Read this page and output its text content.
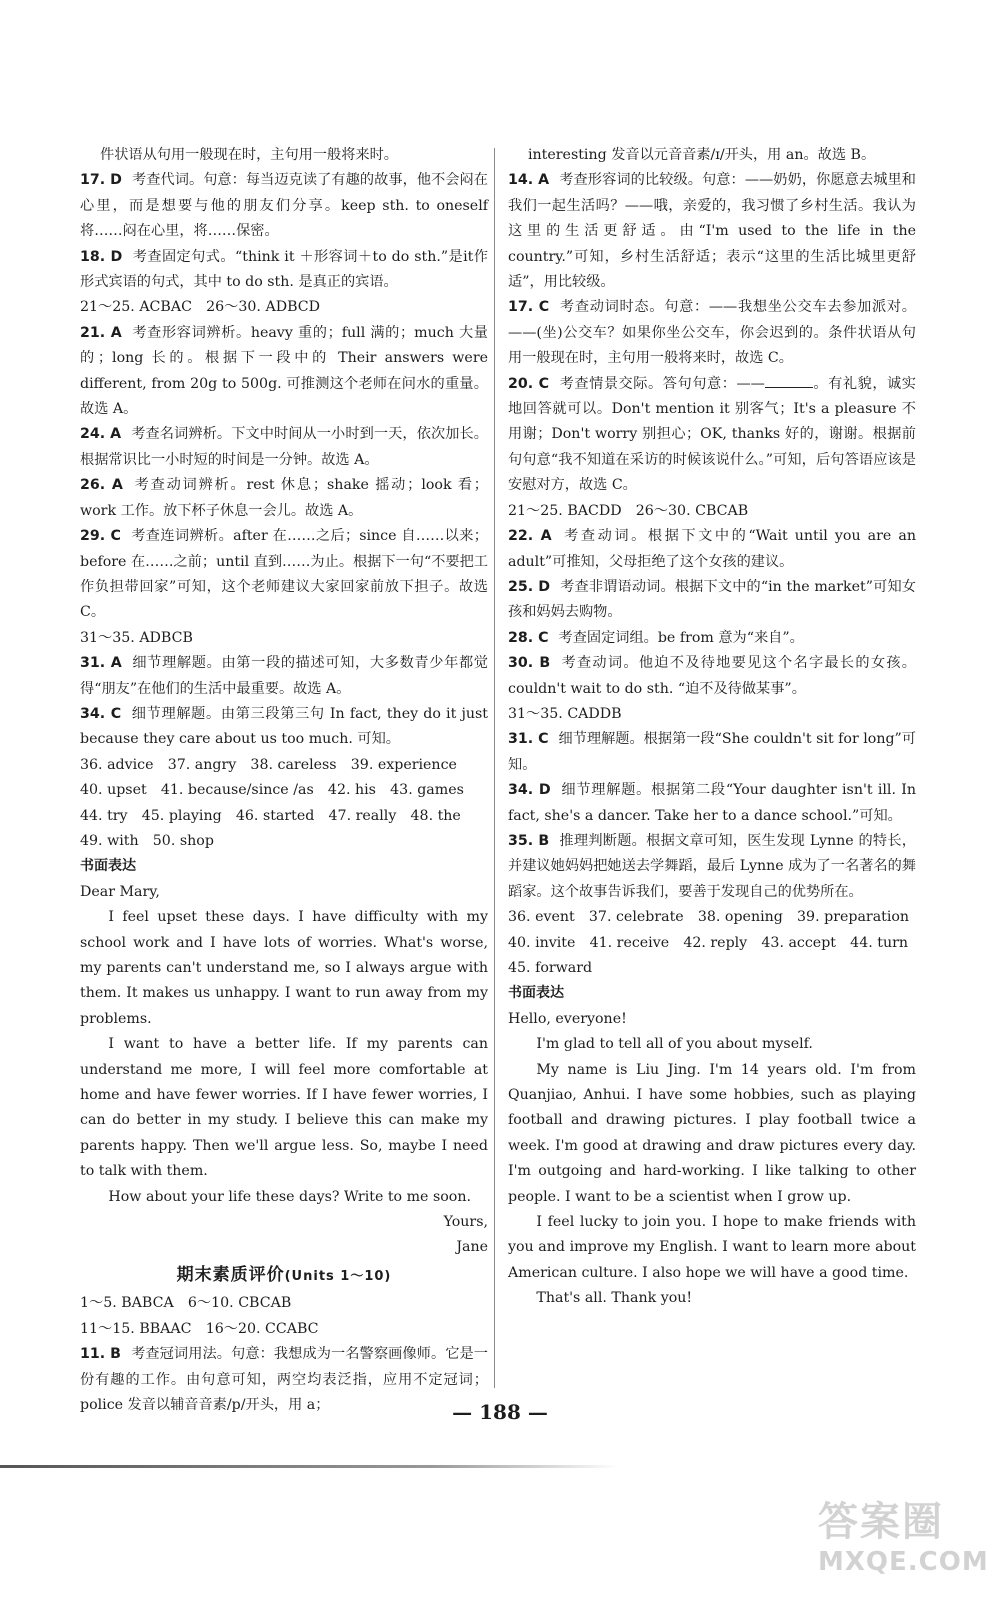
件状语从句用一般现在时，主句用一般将来时。
17. D 考查代词。句意：每当迈克读了有趣的故事，他不会闷在心里，而是想要与他的朋友们分享。keep sth. to oneself 将……闷在心里，将……保密。
18. D 考查固定句式。“think it ＋形容词＋to do sth.”是it作形式宾语的句式，其中 to do sth. 是真正的宾语。
21～25. ACBAC　26～30. ADBCD
21. A 考查形容词辨析。heavy 重的；full 满的；much 大量的；long 长的。根据下一段中的 Their answers were different, from 20g to 500g. 可推测这个老师在问水的重量。故选 A。
24. A 考查名词辨析。下文中时间从一小时到一天，依次加长。根据常识比一小时短的时间是一分钟。故选 A。
26. A 考查动词辨析。rest 休息；shake 摇动；look 看；work 工作。放下杯子休息一会儿。故选 A。
29. C 考查连词辨析。after 在……之后；since 自……以来；before 在……之前；until 直到……为止。根据下一句“不要把工作负担带回家”可知，这个老师建议大家回家前放下担子。故选 C。
31～35. ADBCB
31. A 细节理解题。由第一段的描述可知，大多数青少年都觉得“朋友”在他们的生活中最重要。故选 A。
34. C 细节理解题。由第三段第三句 In fact, they do it just because they care about us too much. 可知。
36. advice　37. angry　38. careless　39. experience
40. upset　41. because/since /as　42. his　43. games
44. try　45. playing　46. started　47. really　48. the
49. with　50. shop
书面表达
Dear Mary,
I feel upset these days. I have difficulty with my school work and I have lots of worries. What's worse, my parents can't understand me, so I always argue with them. It makes us unhappy. I want to run away from my problems.
I want to have a better life. If my parents can understand me more, I will feel more comfortable at home and have fewer worries. If I have fewer worries, I can do better in my study. I believe this can make my parents happy. Then we'll argue less. So, maybe I need to talk with them.
How about your life these days? Write to me soon.
Yours,
Jane
期末素质评价(Units 1～10)
1～5. BABCA　6～10. CBCAB
11～15. BBAAC　16～20. CCABC
11. B 考查冠词用法。句意：我想成为一名警察画像师。它是一份有趣的工作。由句意可知，两空均表泛指，应用不定冠词；police 发音以辅音音素/p/开头，用 a；
interesting 发音以元音音素/ɪ/开头，用 an。故选 B。
14. A 考查形容词的比较级。句意：——奶奶，你愿意去城里和我们一起生活吗？——哦，亲爱的，我习惯了乡村生活。我认为这里的生活更舒适。由“I'm used to the life in the country.”可知，乡村生活舒适；表示“这里的生活比城里更舒适”，用比较级。
17. C 考查动词时态。句意：——我想坐公交车去参加派对。——(坐)公交车？如果你坐公交车，你会迟到的。条件状语从句用一般现在时，主句用一般将来时，故选 C。
20. C 考查情景交际。答句句意：——	。有礼貌，诚实地回答就可以。Don't mention it 别客气；It's a pleasure 不用谢；Don't worry 别担心；OK, thanks 好的，谢谢。根据前句句意“我不知道在采访的时候该说什么。”可知，后句答语应该是安慰对方，故选 C。
21～25. BACDD　26～30. CBCAB
22. A 考查动词。根据下文中的“Wait until you are an adult”可推知，父母拒绝了这个女孩的建议。
25. D 考查非谓语动词。根据下文中的“in the market”可知女孩和妈妈去购物。
28. C 考查固定词组。be from 意为“来自”。
30. B 考查动词。他迫不及待地要见这个名字最长的女孩。couldn't wait to do sth. “迫不及待做某事”。
31～35. CADDB
31. C 细节理解题。根据第一段“She couldn't sit for long”可知。
34. D 细节理解题。根据第二段“Your daughter isn't ill. In fact, she's a dancer. Take her to a dance school.”可知。
35. B 推理判断题。根据文章可知，医生发现 Lynne 的特长，并建议她妈妈把她送去学舞蹈，最后 Lynne 成为了一名著名的舞蹈家。这个故事告诉我们，要善于发现自己的优势所在。
36. event　37. celebrate　38. opening　39. preparation
40. invite　41. receive　42. reply　43. accept　44. turn
45. forward
书面表达
Hello, everyone!
I'm glad to tell all of you about myself.
My name is Liu Jing. I'm 14 years old. I'm from Quanjiao, Anhui. I have some hobbies, such as playing football and drawing pictures. I play football twice a week. I'm good at drawing and draw pictures every day. I'm outgoing and hard-working. I like talking to other people. I want to be a scientist when I grow up.
I feel lucky to join you. I hope to make friends with you and improve my English. I want to learn more about American culture. I also hope we will have a good time.
That's all. Thank you!
— 188 —
答案圈
MXQE.COM
